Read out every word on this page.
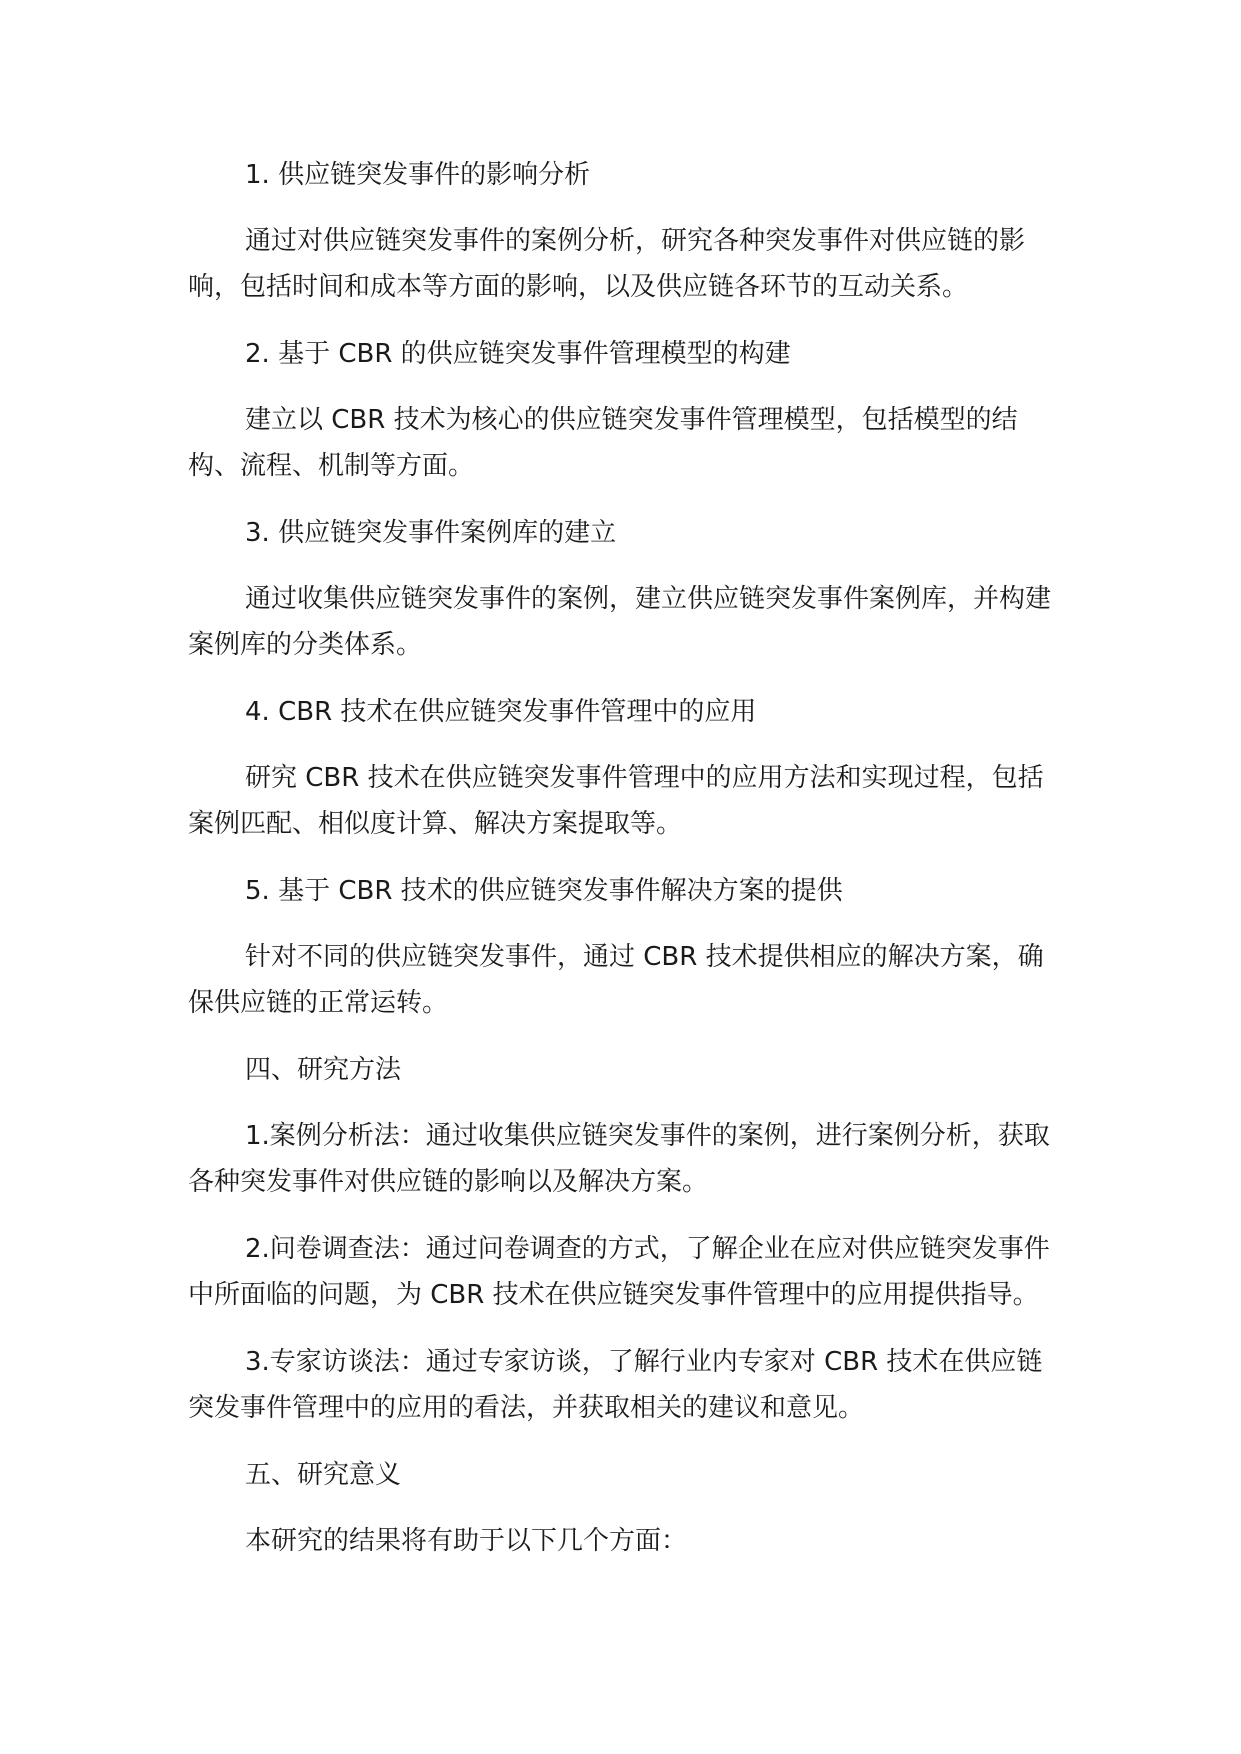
1. 供应链突发事件的影响分析

通过对供应链突发事件的案例分析，研究各种突发事件对供应链的影响，包括时间和成本等方面的影响，以及供应链各环节的互动关系。

2. 基于 CBR 的供应链突发事件管理模型的构建

建立以 CBR 技术为核心的供应链突发事件管理模型，包括模型的结构、流程、机制等方面。

3. 供应链突发事件案例库的建立

通过收集供应链突发事件的案例，建立供应链突发事件案例库，并构建案例库的分类体系。

4. CBR 技术在供应链突发事件管理中的应用

研究 CBR 技术在供应链突发事件管理中的应用方法和实现过程，包括案例匹配、相似度计算、解决方案提取等。

5. 基于 CBR 技术的供应链突发事件解决方案的提供

针对不同的供应链突发事件，通过 CBR 技术提供相应的解决方案，确保供应链的正常运转。

四、研究方法

1.案例分析法：通过收集供应链突发事件的案例，进行案例分析，获取各种突发事件对供应链的影响以及解决方案。

2.问卷调查法：通过问卷调查的方式，了解企业在应对供应链突发事件中所面临的问题，为 CBR 技术在供应链突发事件管理中的应用提供指导。

3.专家访谈法：通过专家访谈，了解行业内专家对 CBR 技术在供应链突发事件管理中的应用的看法，并获取相关的建议和意见。

五、研究意义

本研究的结果将有助于以下几个方面：
